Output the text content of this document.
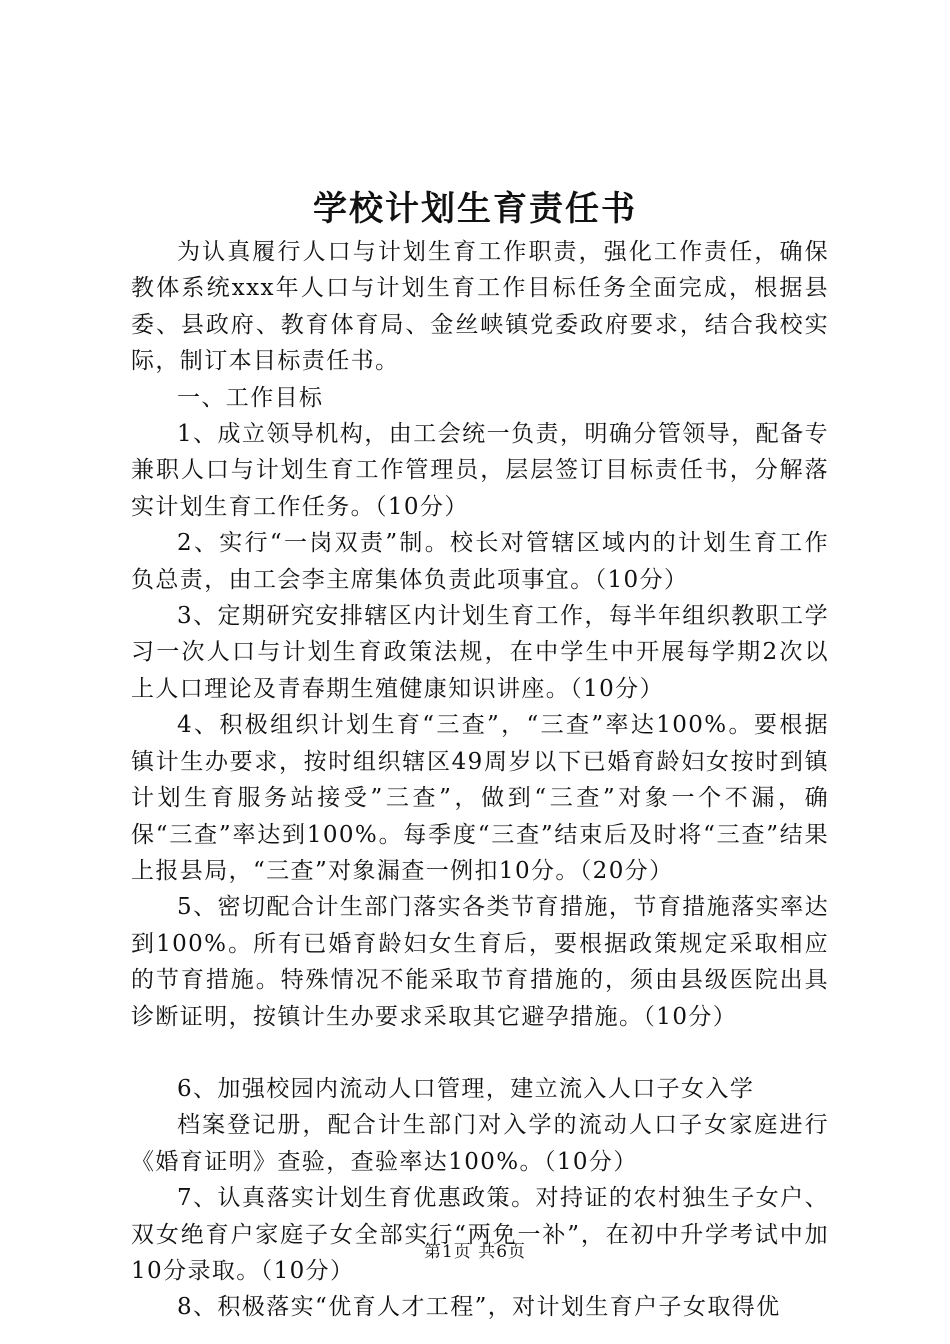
学校计划生育责任书

为认真履行人口与计划生育工作职责，强化工作责任，确保教体系统xxx年人口与计划生育工作目标任务全面完成，根据县委、县政府、教育体育局、金丝峡镇党委政府要求，结合我校实际，制订本目标责任书。

一、工作目标

1、成立领导机构，由工会统一负责，明确分管领导，配备专兼职人口与计划生育工作管理员，层层签订目标责任书，分解落实计划生育工作任务。（10分）

2、实行“一岗双责”制。校长对管辖区域内的计划生育工作负总责，由工会李主席集体负责此项事宜。（10分）

3、定期研究安排辖区内计划生育工作，每半年组织教职工学习一次人口与计划生育政策法规，在中学生中开展每学期2次以上人口理论及青春期生殖健康知识讲座。（10分）

4、积极组织计划生育“三查”，“三查”率达100%。要根据镇计生办要求，按时组织辖区49周岁以下已婚育龄妇女按时到镇计划生育服务站接受”三查”，做到“三查”对象一个不漏，确保“三查”率达到100%。每季度“三查”结束后及时将“三查”结果上报县局，“三查”对象漏查一例扣10分。（20分）

5、密切配合计生部门落实各类节育措施，节育措施落实率达到100%。所有已婚育龄妇女生育后，要根据政策规定采取相应的节育措施。特殊情况不能采取节育措施的，须由县级医院出具诊断证明，按镇计生办要求采取其它避孕措施。（10分）

6、加强校园内流动人口管理，建立流入人口子女入学

档案登记册，配合计生部门对入学的流动人口子女家庭进行《婚育证明》查验，查验率达100%。（10分）

7、认真落实计划生育优惠政策。对持证的农村独生子女户、双女绝育户家庭子女全部实行“两免一补”，在初中升学考试中加10分录取。（10分）

8、积极落实“优育人才工程”，对计划生育户子女取得优

第1页 共6页
